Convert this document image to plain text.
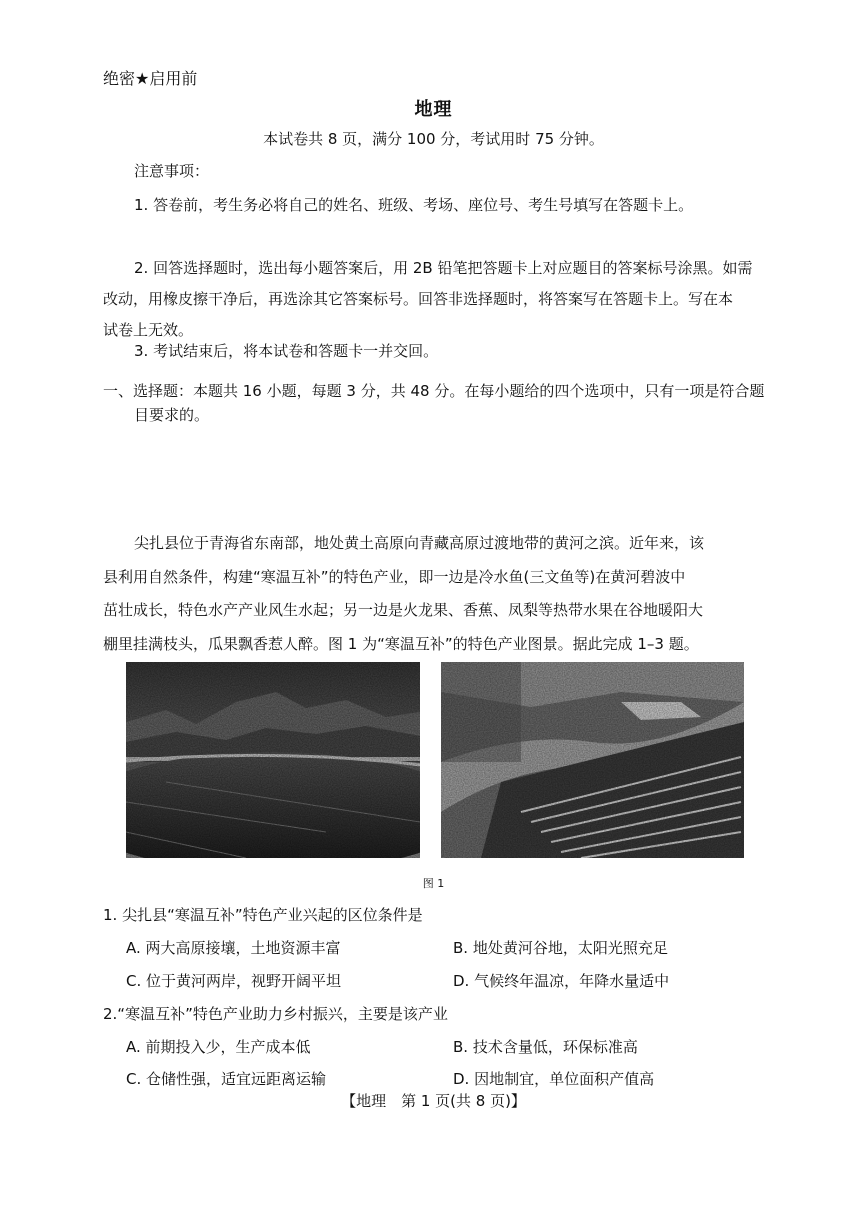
绝密★启用前
地理
本试卷共 8 页，满分 100 分，考试用时 75 分钟。
注意事项：
1. 答卷前，考生务必将自己的姓名、班级、考场、座位号、考生号填写在答题卡上。
2. 回答选择题时，选出每小题答案后，用 2B 铅笔把答题卡上对应题目的答案标号涂黑。如需
改动，用橡皮擦干净后，再选涂其它答案标号。回答非选择题时，将答案写在答题卡上。写在本
试卷上无效。
3. 考试结束后，将本试卷和答题卡一并交回。
一、选择题：本题共 16 小题，每题 3 分，共 48 分。在每小题给的四个选项中，只有一项是符合题
目要求的。
尖扎县位于青海省东南部，地处黄土高原向青藏高原过渡地带的黄河之滨。近年来，该
县利用自然条件，构建“寒温互补”的特色产业，即一边是冷水鱼(三文鱼等)在黄河碧波中
茁壮成长，特色水产产业风生水起；另一边是火龙果、香蕉、凤梨等热带水果在谷地暖阳大
棚里挂满枝头，瓜果飘香惹人醉。图 1 为“寒温互补”的特色产业图景。据此完成 1–3 题。
图 1
1. 尖扎县“寒温互补”特色产业兴起的区位条件是
A. 两大高原接壤，土地资源丰富	B. 地处黄河谷地，太阳光照充足
C. 位于黄河两岸，视野开阔平坦	D. 气候终年温凉，年降水量适中
2.“寒温互补”特色产业助力乡村振兴，主要是该产业
A. 前期投入少，生产成本低	B. 技术含量低，环保标准高
C. 仓储性强，适宜远距离运输	D. 因地制宜，单位面积产值高
【地理　第 1 页(共 8 页)】
